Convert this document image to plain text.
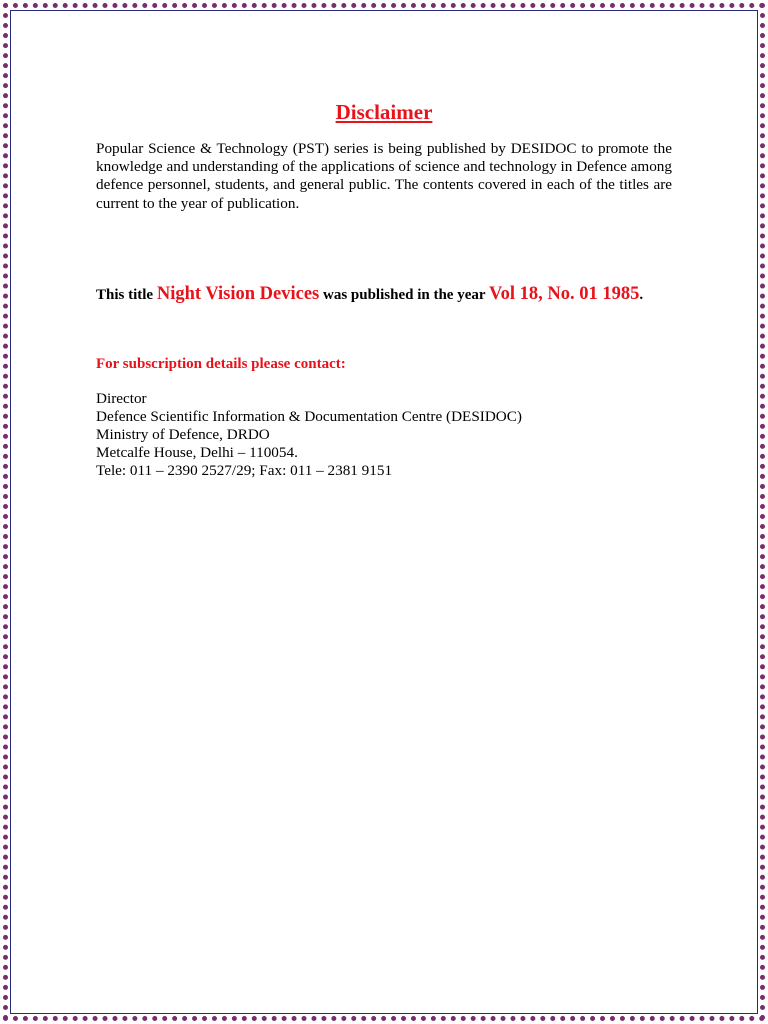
Disclaimer

Popular Science & Technology (PST) series is being published by DESIDOC to promote the knowledge and understanding of the applications of science and technology in Defence among defence personnel, students, and general public. The contents covered in each of the titles are current to the year of publication.

This title Night Vision Devices was published in the year Vol 18, No. 01 1985.

For subscription details please contact:

Director
Defence Scientific Information & Documentation Centre (DESIDOC)
Ministry of Defence, DRDO
Metcalfe House, Delhi – 110054.
Tele: 011 – 2390 2527/29; Fax: 011 – 2381 9151
